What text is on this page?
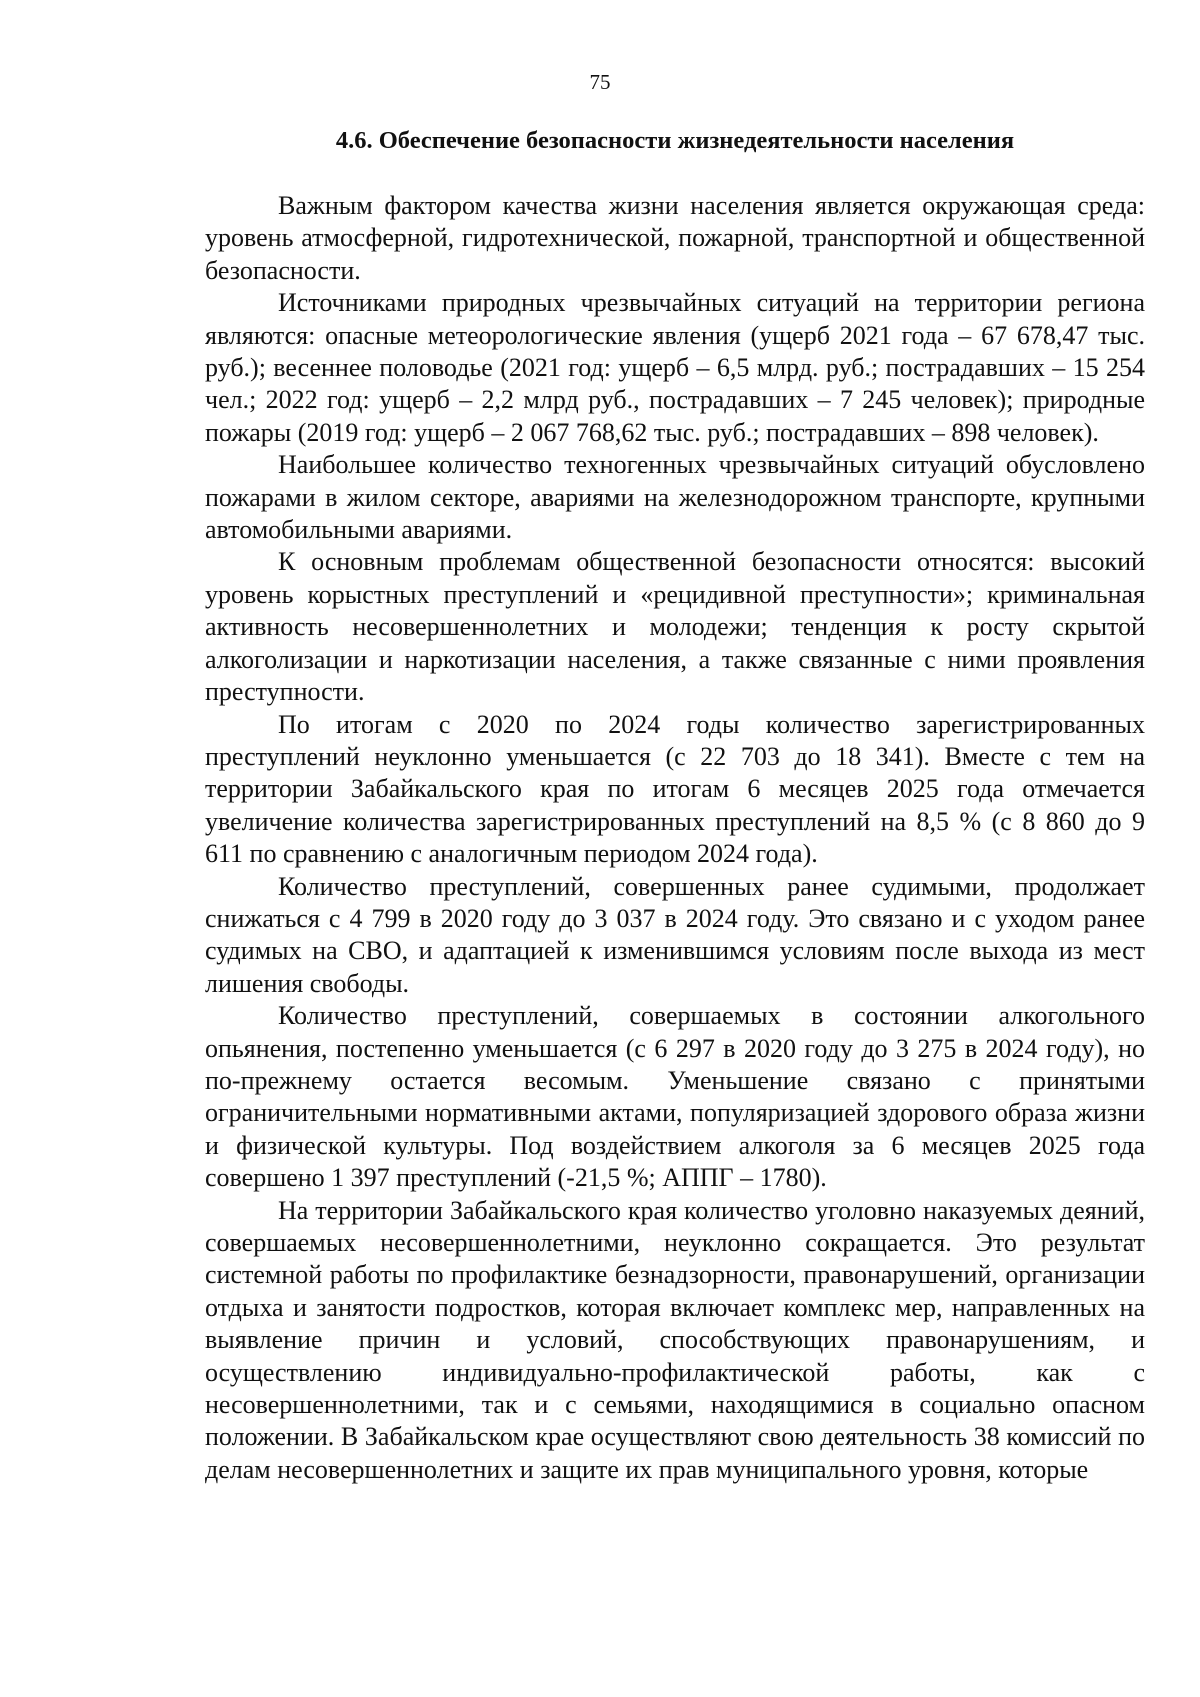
75
4.6. Обеспечение безопасности жизнедеятельности населения

Важным фактором качества жизни населения является окружающая среда: уровень атмосферной, гидротехнической, пожарной, транспортной и общественной безопасности.

Источниками природных чрезвычайных ситуаций на территории региона являются: опасные метеорологические явления (ущерб 2021 года – 67 678,47 тыс. руб.); весеннее половодье (2021 год: ущерб – 6,5 млрд. руб.; пострадавших – 15 254 чел.; 2022 год: ущерб – 2,2 млрд руб., пострадавших – 7 245 человек); природные пожары (2019 год: ущерб – 2 067 768,62 тыс. руб.; пострадавших – 898 человек).

Наибольшее количество техногенных чрезвычайных ситуаций обусловлено пожарами в жилом секторе, авариями на железнодорожном транспорте, крупными автомобильными авариями.

К основным проблемам общественной безопасности относятся: высокий уровень корыстных преступлений и «рецидивной преступности»; криминальная активность несовершеннолетних и молодежи; тенденция к росту скрытой алкоголизации и наркотизации населения, а также связанные с ними проявления преступности.

По итогам с 2020 по 2024 годы количество зарегистрированных преступлений неуклонно уменьшается (с 22 703 до 18 341). Вместе с тем на территории Забайкальского края по итогам 6 месяцев 2025 года отмечается увеличение количества зарегистрированных преступлений на 8,5 % (с 8 860 до 9 611 по сравнению с аналогичным периодом 2024 года).

Количество преступлений, совершенных ранее судимыми, продолжает снижаться с 4 799 в 2020 году до 3 037 в 2024 году. Это связано и с уходом ранее судимых на СВО, и адаптацией к изменившимся условиям после выхода из мест лишения свободы.

Количество преступлений, совершаемых в состоянии алкогольного опьянения, постепенно уменьшается (с 6 297 в 2020 году до 3 275 в 2024 году), но по-прежнему остается весомым. Уменьшение связано с принятыми ограничительными нормативными актами, популяризацией здорового образа жизни и физической культуры. Под воздействием алкоголя за 6 месяцев 2025 года совершено 1 397 преступлений (-21,5 %; АППГ – 1780).

На территории Забайкальского края количество уголовно наказуемых деяний, совершаемых несовершеннолетними, неуклонно сокращается. Это результат системной работы по профилактике безнадзорности, правонарушений, организации отдыха и занятости подростков, которая включает комплекс мер, направленных на выявление причин и условий, способствующих правонарушениям, и осуществлению индивидуально-профилактической работы, как с несовершеннолетними, так и с семьями, находящимися в социально опасном положении. В Забайкальском крае осуществляют свою деятельность 38 комиссий по делам несовершеннолетних и защите их прав муниципального уровня, которые
